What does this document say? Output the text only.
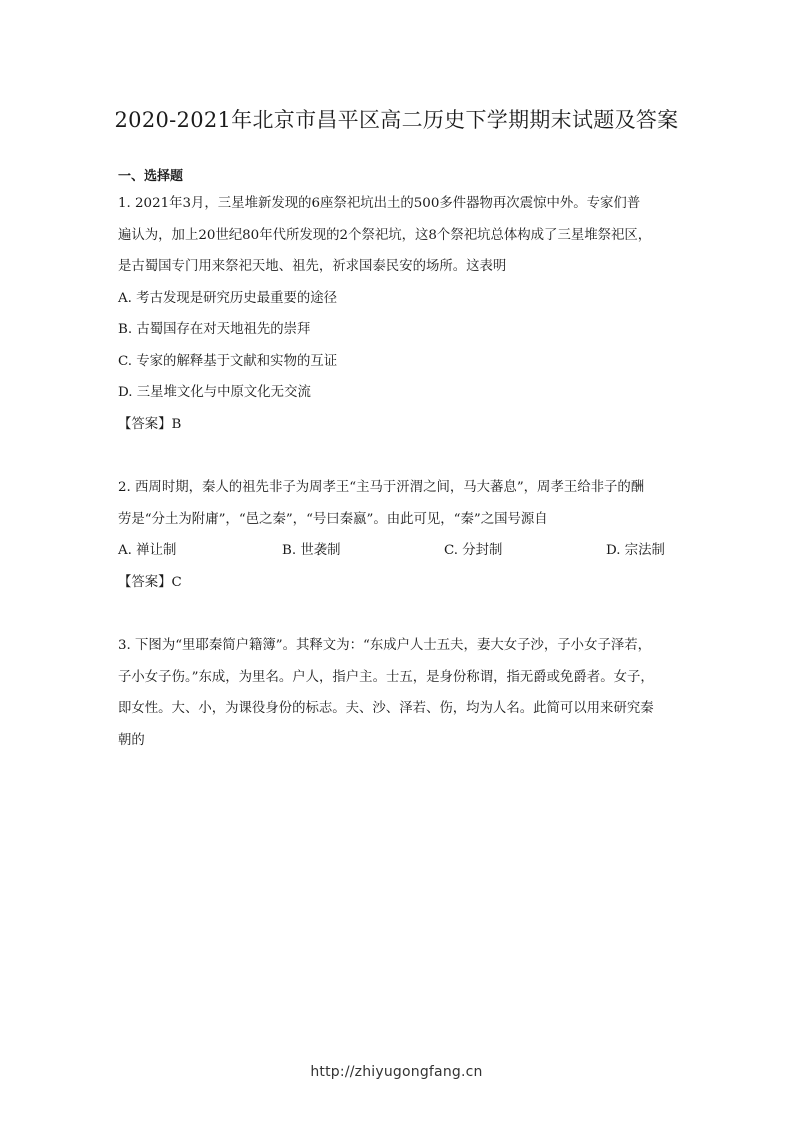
2020-2021年北京市昌平区高二历史下学期期末试题及答案
一、选择题
1. 2021年3月，三星堆新发现的6座祭祀坑出土的500多件器物再次震惊中外。专家们普
遍认为，加上20世纪80年代所发现的2个祭祀坑，这8个祭祀坑总体构成了三星堆祭祀区，
是古蜀国专门用来祭祀天地、祖先，祈求国泰民安的场所。这表明
A. 考古发现是研究历史最重要的途径
B. 古蜀国存在对天地祖先的崇拜
C. 专家的解释基于文献和实物的互证
D. 三星堆文化与中原文化无交流
【答案】B
2. 西周时期，秦人的祖先非子为周孝王“主马于汧渭之间，马大蕃息”，周孝王给非子的酬
劳是“分土为附庸”，“邑之秦”，“号曰秦嬴”。由此可见，“秦”之国号源自
A. 禅让制	B. 世袭制	C. 分封制	D. 宗法制
【答案】C
3. 下图为“里耶秦简户籍簿”。其释文为：“东成户人士五夫，妻大女子沙，子小女子泽若，
子小女子伤。”东成，为里名。户人，指户主。士五，是身份称谓，指无爵或免爵者。女子，
即女性。大、小，为课役身份的标志。夫、沙、泽若、伤，均为人名。此简可以用来研究秦
朝的
http://zhiyugongfang.cn
